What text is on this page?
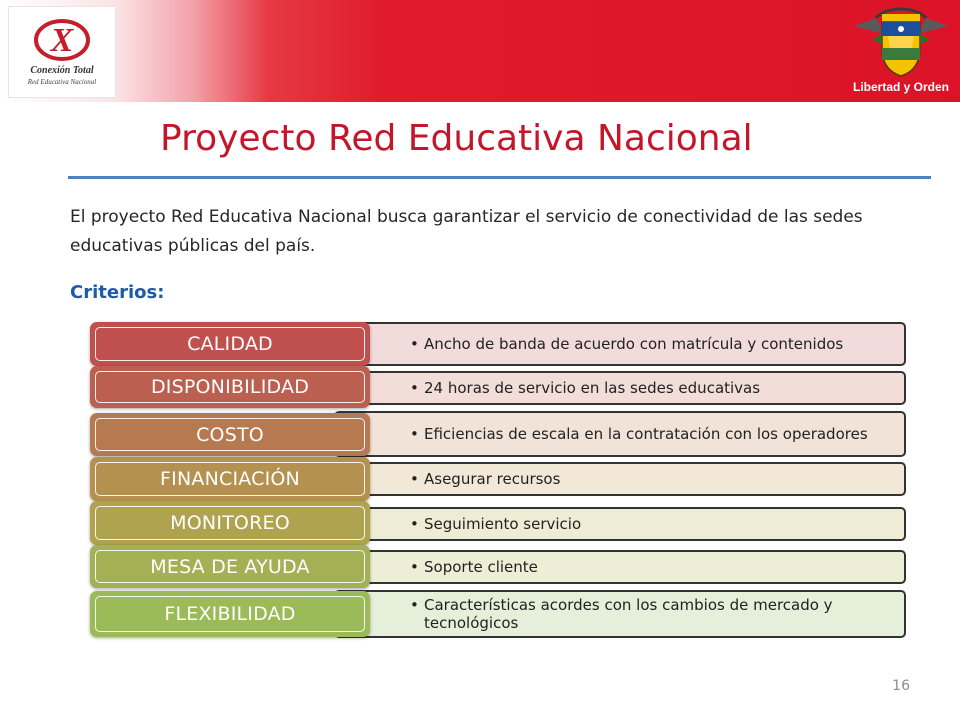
X
Conexión Total
Red Educativa Nacional	Libertad y Orden
Proyecto Red Educativa Nacional
El proyecto Red Educativa Nacional busca garantizar el servicio de conectividad de las sedes educativas públicas del país.
Criterios:
• Ancho de banda de acuerdo con matrícula y contenidos
CALIDAD
• 24 horas de servicio en las sedes educativas
DISPONIBILIDAD
• Eficiencias de escala en la contratación con los operadores
COSTO
• Asegurar recursos
FINANCIACIÓN
• Seguimiento servicio
MONITOREO
• Soporte cliente
MESA DE AYUDA
• Características acordes con los cambios de mercado y tecnológicos
FLEXIBILIDAD
16
